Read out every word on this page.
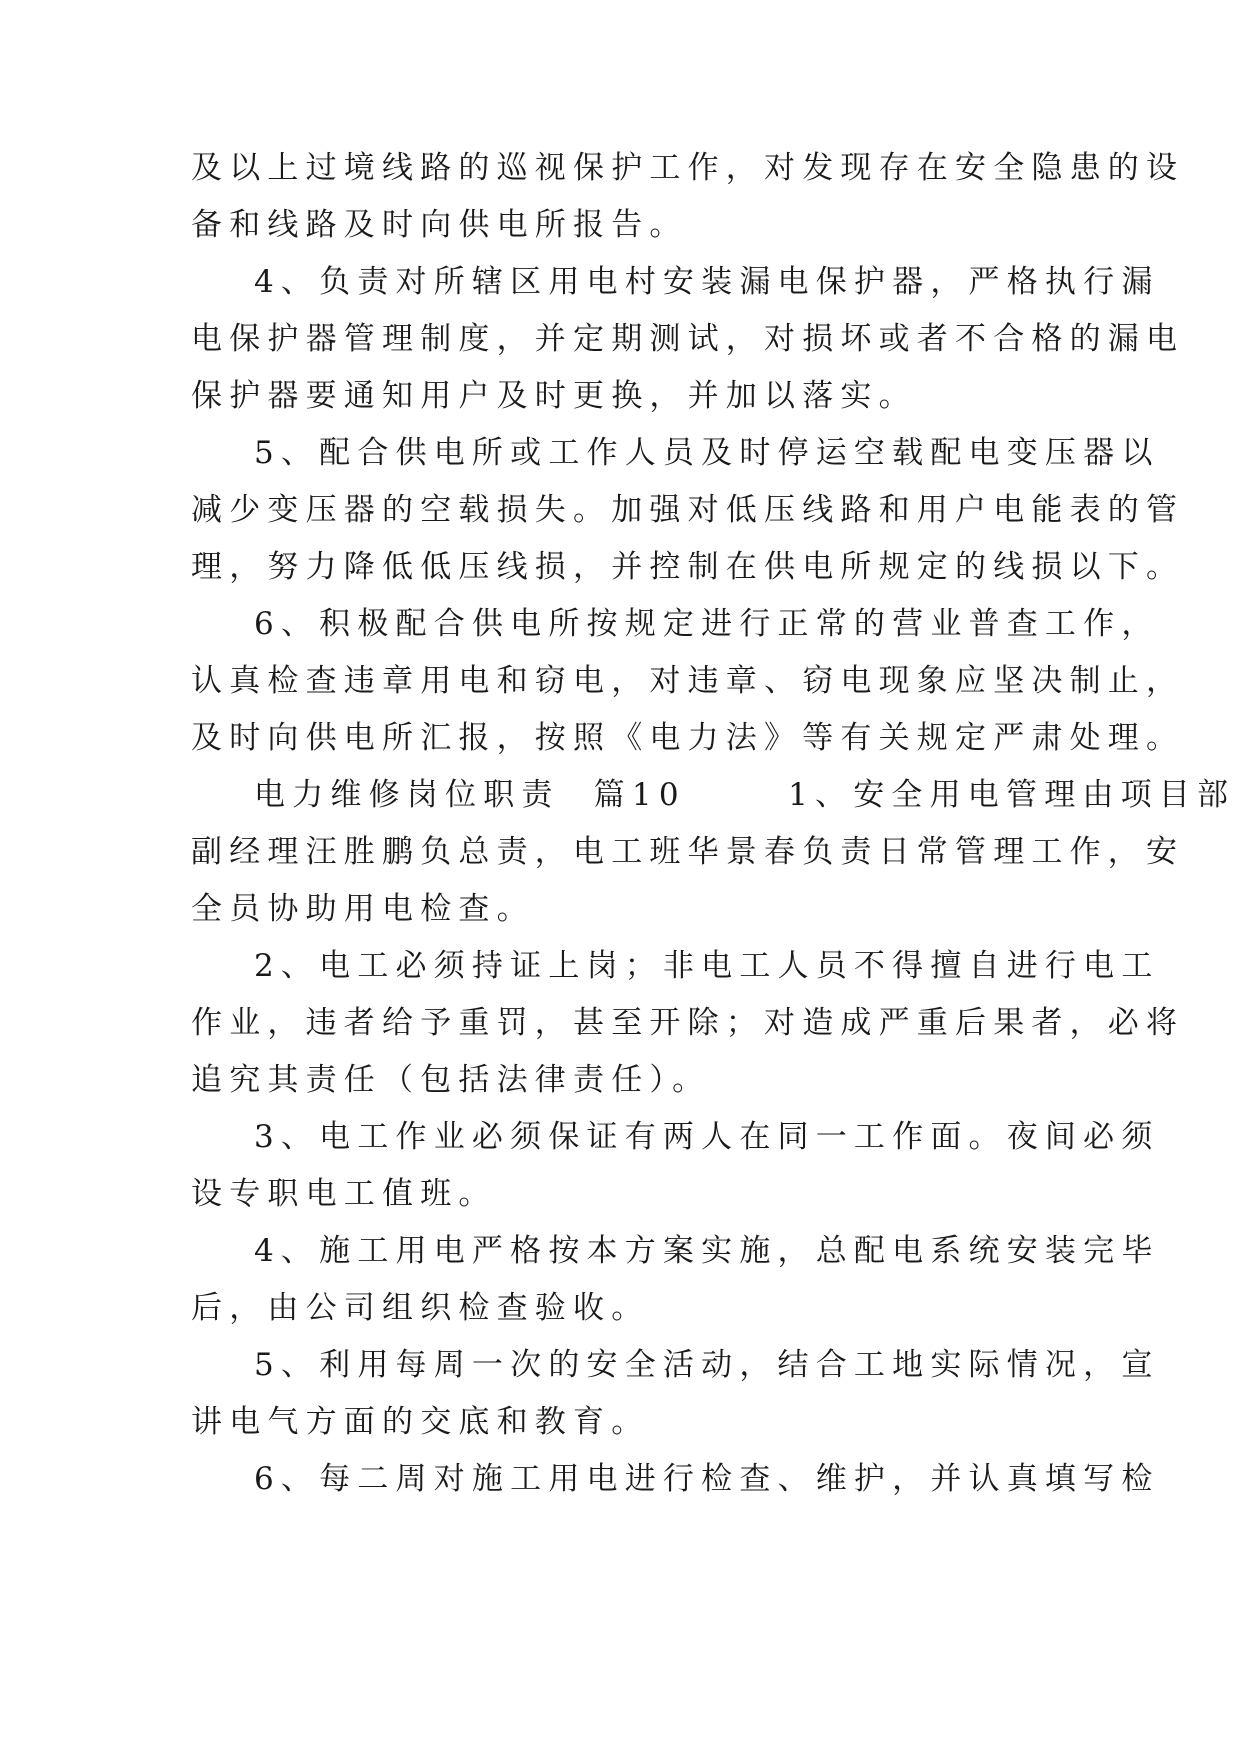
及以上过境线路的巡视保护工作，对发现存在安全隐患的设
备和线路及时向供电所报告。
4、负责对所辖区用电村安装漏电保护器，严格执行漏
电保护器管理制度，并定期测试，对损坏或者不合格的漏电
保护器要通知用户及时更换，并加以落实。
5、配合供电所或工作人员及时停运空载配电变压器以
减少变压器的空载损失。加强对低压线路和用户电能表的管
理，努力降低低压线损，并控制在供电所规定的线损以下。
6、积极配合供电所按规定进行正常的营业普查工作，
认真检查违章用电和窃电，对违章、窃电现象应坚决制止，
及时向供电所汇报，按照《电力法》等有关规定严肃处理。
电力维修岗位职责  篇10      1、安全用电管理由项目部
副经理汪胜鹏负总责，电工班华景春负责日常管理工作，安
全员协助用电检查。
2、电工必须持证上岗；非电工人员不得擅自进行电工
作业，违者给予重罚，甚至开除；对造成严重后果者，必将
追究其责任（包括法律责任）。
3、电工作业必须保证有两人在同一工作面。夜间必须
设专职电工值班。
4、施工用电严格按本方案实施，总配电系统安装完毕
后，由公司组织检查验收。
5、利用每周一次的安全活动，结合工地实际情况，宣
讲电气方面的交底和教育。
6、每二周对施工用电进行检查、维护，并认真填写检
